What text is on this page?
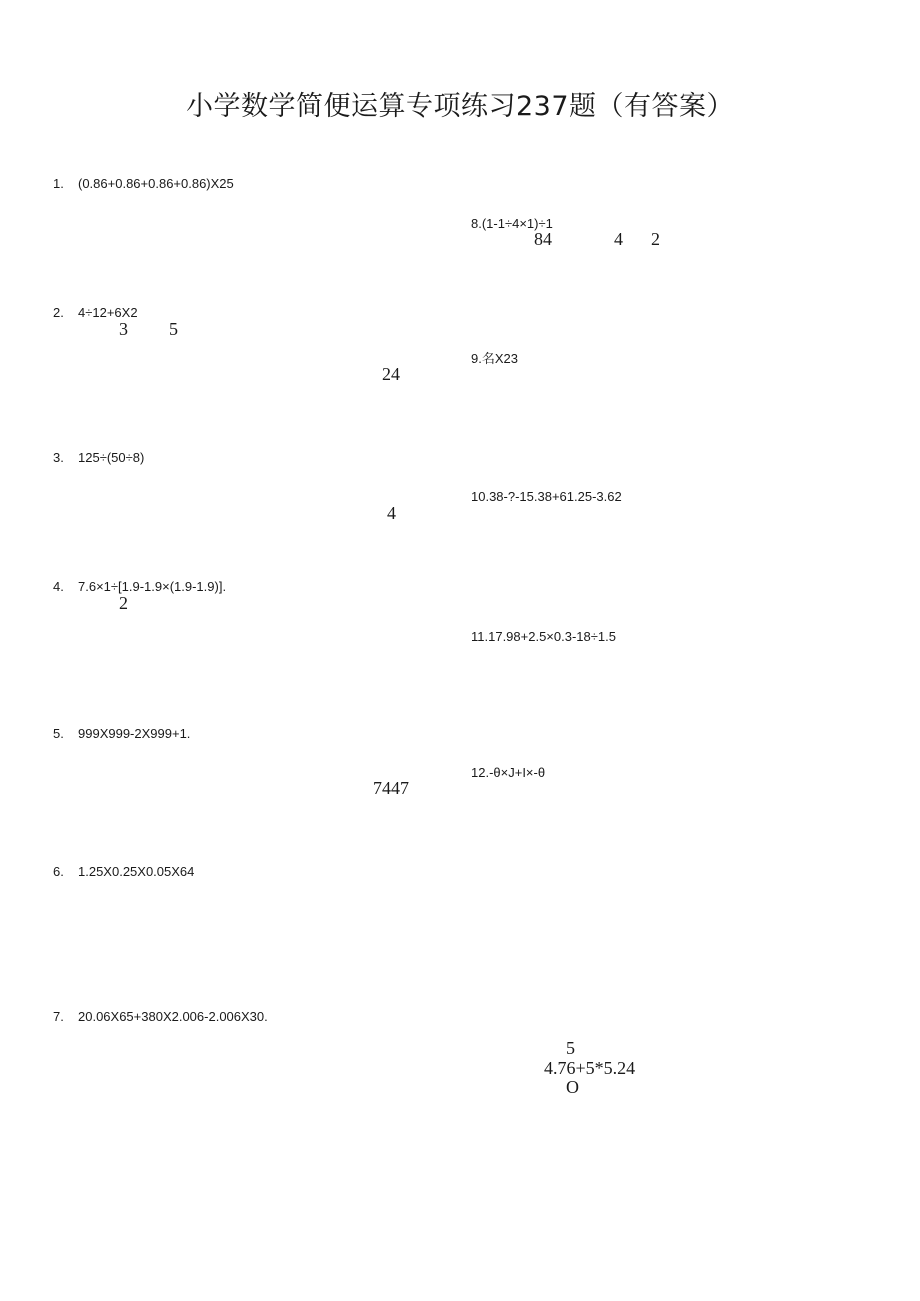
小学数学简便运算专项练习237题（有答案）
1. (0.86+0.86+0.86+0.86)X25
2. 4÷12+6X2
3. 125÷(50÷8)
4. 7.6×1÷[1.9-1.9×(1.9-1.9)].
5. 999X999-2X999+1.
6. 1.25X0.25X0.05X64
7. 20.06X65+380X2.006-2.006X30.
8.(1-1÷4×1)÷1
9.名X23
10.38-?-15.38+61.25-3.62
11.17.98+2.5×0.3-18÷1.5
12.-θ×J+I×-θ
3 5
84	4 2
24
4
2
7447
5
4.76+5*5.24
O
